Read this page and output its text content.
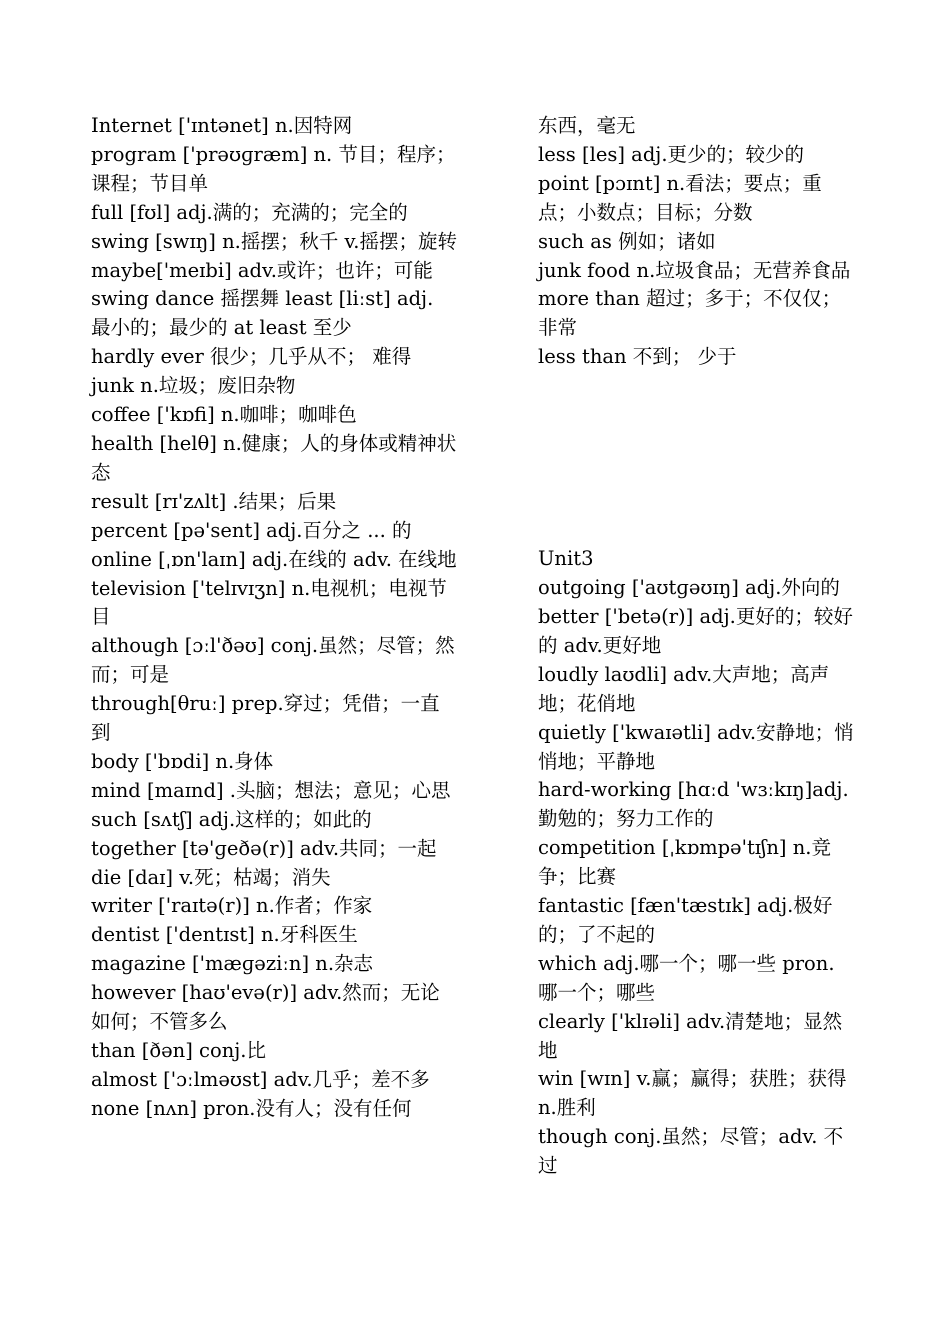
Internet ['ɪntənet] n.因特网

program ['prəʊɡræm] n. 节目；程序；课程；节目单

full [fʊl] adj.满的；充满的；完全的

swing [swɪŋ] n.摇摆；秋千 v.摇摆；旋转

maybe['meɪbi] adv.或许；也许；可能

swing dance 摇摆舞 least [liːst] adj. 最小的；最少的 at least 至少

hardly ever 很少；几乎从不； 难得

junk n.垃圾；废旧杂物

coffee ['kɒfi] n.咖啡；咖啡色

health [helθ] n.健康；人的身体或精神状态

result [rɪ'zʌlt] .结果；后果

percent [pə'sent] adj.百分之 ... 的

online [ˌɒn'laɪn] adj.在线的 adv. 在线地

television ['telɪvɪʒn] n.电视机；电视节目

although [ɔːl'ðəʊ] conj.虽然；尽管；然而；可是

through[θruː] prep.穿过；凭借；一直到

body ['bɒdi] n.身体

mind [maɪnd] .头脑；想法；意见；心思

such [sʌtʃ] adj.这样的；如此的

together [tə'ɡeðə(r)] adv.共同；一起

die [daɪ] v.死；枯竭；消失

writer ['raɪtə(r)] n.作者；作家

dentist ['dentɪst] n.牙科医生

magazine ['mæɡəziːn] n.杂志

however [haʊ'evə(r)] adv.然而；无论如何；不管多么

than [ðən] conj.比

almost ['ɔːlməʊst] adv.几乎；差不多

none [nʌn] pron.没有人；没有任何

东西，毫无

less [les] adj.更少的；较少的

point [pɔɪnt] n.看法；要点；重点；小数点；目标；分数

such as 例如；诸如

junk food n.垃圾食品；无营养食品

more than 超过；多于；不仅仅；非常

less than 不到； 少于

Unit3

outgoing ['aʊtɡəʊɪŋ] adj.外向的

better ['betə(r)] adj.更好的；较好的 adv.更好地

loudly laʊdli] adv.大声地；高声地；花俏地

quietly ['kwaɪətli] adv.安静地；悄悄地；平静地

hard-working [hɑːd 'wɜːkɪŋ]adj. 勤勉的；努力工作的

competition [ˌkɒmpə'tɪʃn] n.竞争；比赛

fantastic [fæn'tæstɪk] adj.极好的；了不起的

which adj.哪一个；哪一些 pron. 哪一个；哪些

clearly ['klɪəli] adv.清楚地；显然地

win [wɪn] v.赢；赢得；获胜；获得 n.胜利

though conj.虽然；尽管；adv. 不过
